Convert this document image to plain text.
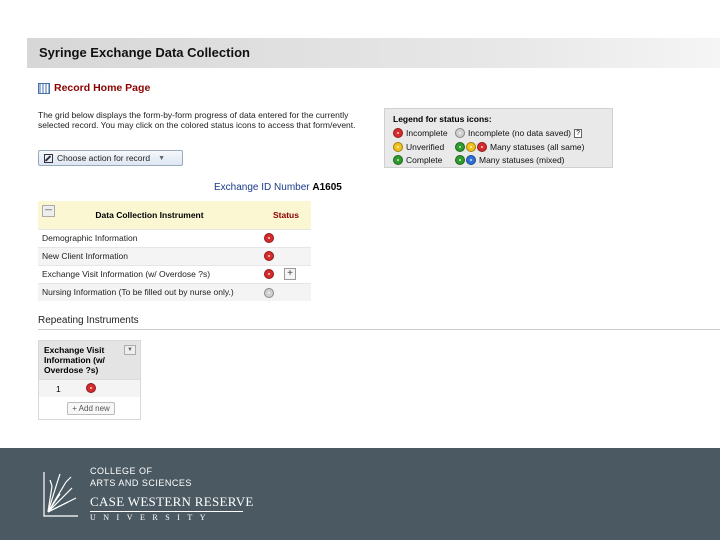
Syringe Exchange Data Collection
Record Home Page
The grid below displays the form-by-form progress of data entered for the currently selected record. You may click on the colored status icons to access that form/event.
Choose action for record ▼
Legend for status icons:
Incomplete Incomplete (no data saved) ?
Unverified	Many statuses (all same)
Complete	Many statuses (mixed)
Exchange ID Number A1605
— Data Collection Instrument	Status
Demographic Information	
New Client Information	
Exchange Visit Information (w/ Overdose ?s)	+
Nursing Information (To be filled out by nurse only.)	
Repeating Instruments
Exchange Visit Information (w/ Overdose ?s)
▼
1
+ Add new
COLLEGE OF
ARTS AND SCIENCES
CASE WESTERN RESERVE
UNIVERSITY
